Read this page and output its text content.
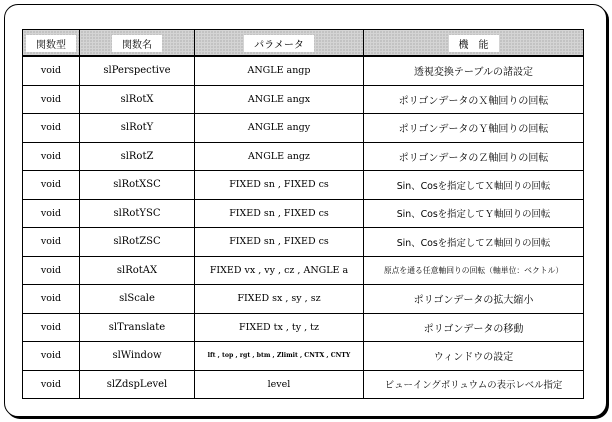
関数型	関数名	パラメータ	機　能
void	slPerspective	ANGLE angp	透視変換テーブルの諸設定
void	slRotX	ANGLE angx	ポリゴンデータのＸ軸回りの回転
void	slRotY	ANGLE angy	ポリゴンデータのＹ軸回りの回転
void	slRotZ	ANGLE angz	ポリゴンデータのＺ軸回りの回転
void	slRotXSC	FIXED sn , FIXED cs	Sin、Cosを指定してＸ軸回りの回転
void	slRotYSC	FIXED sn , FIXED cs	Sin、Cosを指定してＹ軸回りの回転
void	slRotZSC	FIXED sn , FIXED cs	Sin、Cosを指定してＺ軸回りの回転
void	slRotAX	FIXED vx , vy , cz , ANGLE a	原点を通る任意軸回りの回転（軸単位：ベクトル）
void	slScale	FIXED sx , sy , sz	ポリゴンデータの拡大縮小
void	slTranslate	FIXED tx , ty , tz	ポリゴンデータの移動
void	slWindow	lft , top , rgt , btm , Zlimit , CNTX , CNTY	ウィンドウの設定
void	slZdspLevel	level	ビューイングボリュウムの表示レベル指定
